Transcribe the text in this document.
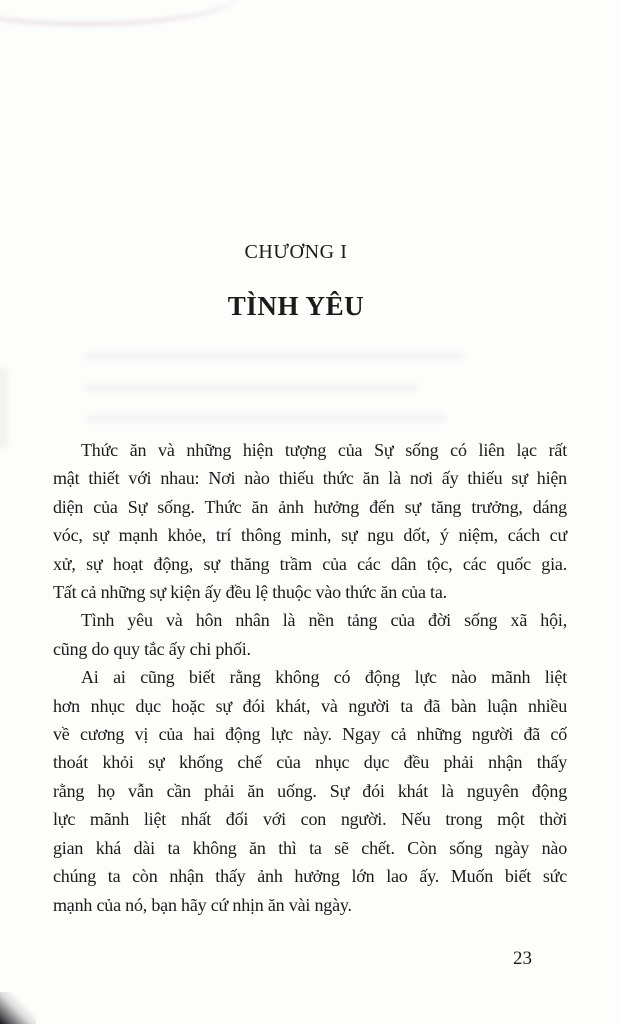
CHƯƠNG I
TÌNH YÊU
Thức ăn và những hiện tượng của Sự sống có liên lạc rất
mật thiết với nhau: Nơi nào thiếu thức ăn là nơi ấy thiếu sự hiện
diện của Sự sống. Thức ăn ảnh hưởng đến sự tăng trưởng, dáng
vóc, sự mạnh khỏe, trí thông minh, sự ngu dốt, ý niệm, cách cư
xử, sự hoạt động, sự thăng trầm của các dân tộc, các quốc gia.
Tất cả những sự kiện ấy đều lệ thuộc vào thức ăn của ta.
Tình yêu và hôn nhân là nền tảng của đời sống xã hội,
cũng do quy tắc ấy chi phối.
Ai ai cũng biết rằng không có động lực nào mãnh liệt
hơn nhục dục hoặc sự đói khát, và người ta đã bàn luận nhiều
về cương vị của hai động lực này. Ngay cả những người đã cố
thoát khỏi sự khống chế của nhục dục đều phải nhận thấy
rằng họ vẫn cần phải ăn uống. Sự đói khát là nguyên động
lực mãnh liệt nhất đối với con người. Nếu trong một thời
gian khá dài ta không ăn thì ta sẽ chết. Còn sống ngày nào
chúng ta còn nhận thấy ảnh hưởng lớn lao ấy. Muốn biết sức
mạnh của nó, bạn hãy cứ nhịn ăn vài ngày.
23
